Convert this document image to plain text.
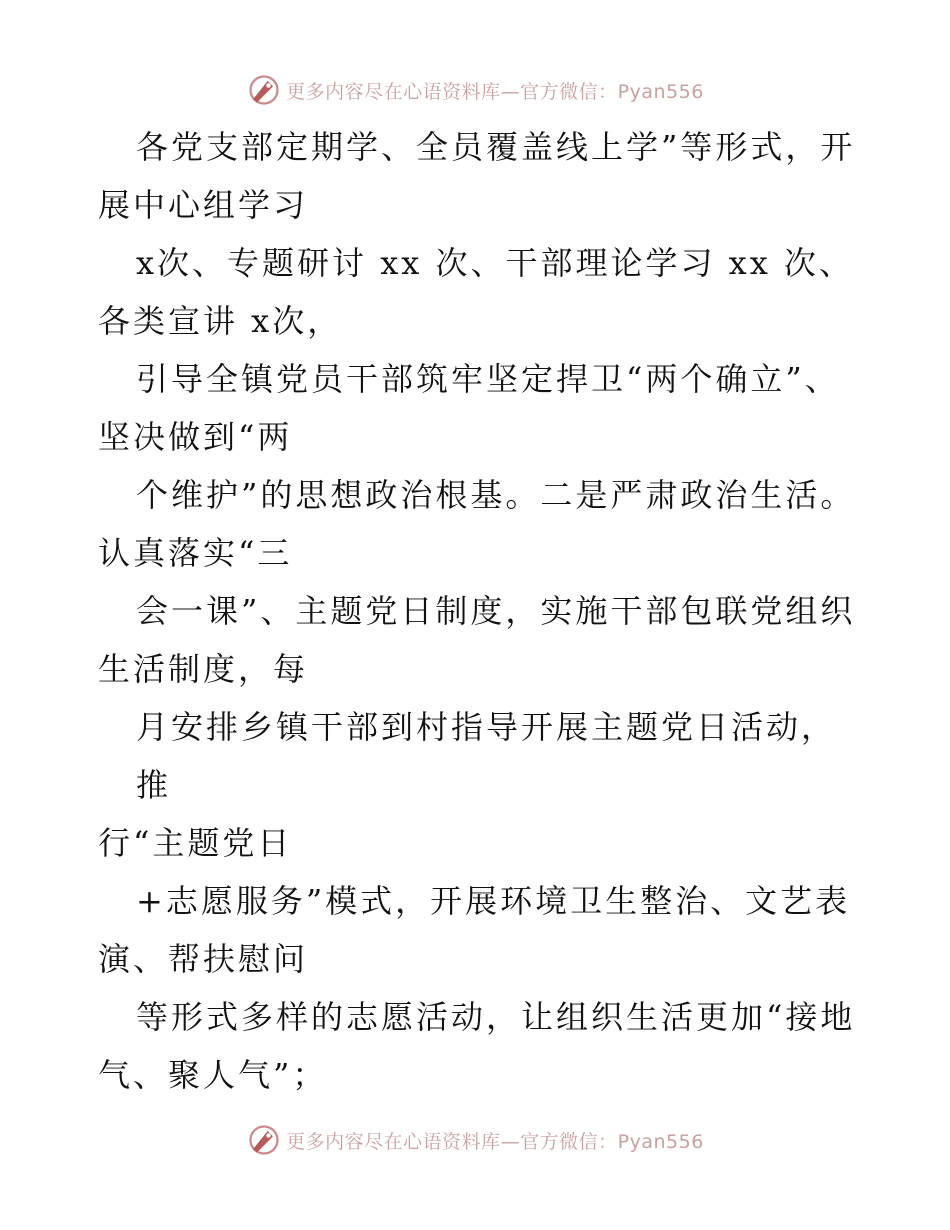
更多内容尽在心语资料库—官方微信：Pyan556

各党支部定期学、全员覆盖线上学”等形式，开
展中心组学习

x次、专题研讨 xx 次、干部理论学习 xx 次、
各类宣讲 x次，

引导全镇党员干部筑牢坚定捍卫“两个确立”、
坚决做到“两

个维护”的思想政治根基。二是严肃政治生活。
认真落实“三

会一课”、主题党日制度，实施干部包联党组织
生活制度，每

月安排乡镇干部到村指导开展主题党日活动，推
行“主题党日

+志愿服务”模式，开展环境卫生整治、文艺表
演、帮扶慰问

等形式多样的志愿活动，让组织生活更加“接地
气、聚人气”；

更多内容尽在心语资料库—官方微信：Pyan556
